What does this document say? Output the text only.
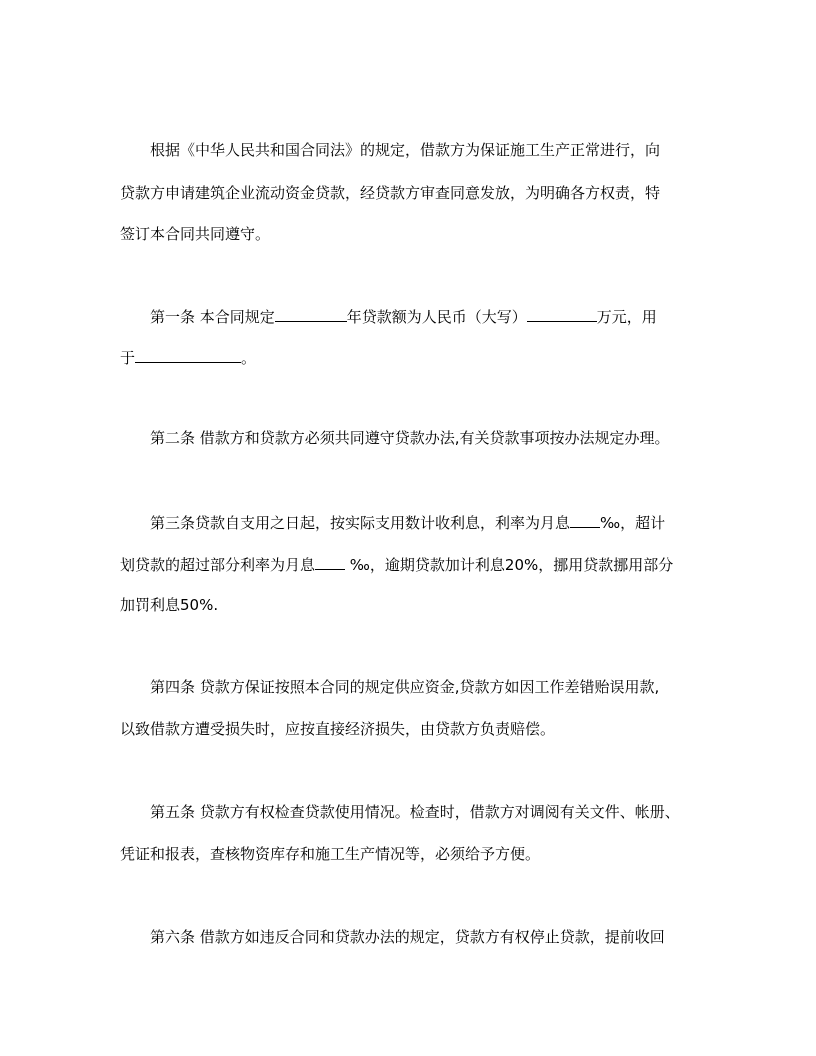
根据《中华人民共和国合同法》的规定，借款方为保证施工生产正常进行，向
贷款方申请建筑企业流动资金贷款，经贷款方审查同意发放，为明确各方权责，特
签订本合同共同遵守。
第一条 本合同规定	年贷款额为人民币（大写）	万元，用
于	。
第二条 借款方和贷款方必须共同遵守贷款办法,有关贷款事项按办法规定办理。
第三条贷款自支用之日起，按实际支用数计收利息，利率为月息 ‰，超计
划贷款的超过部分利率为月息 ‰，逾期贷款加计利息20%，挪用贷款挪用部分
加罚利息50%.
第四条 贷款方保证按照本合同的规定供应资金,贷款方如因工作差错贻误用款,
以致借款方遭受损失时，应按直接经济损失，由贷款方负责赔偿。
第五条 贷款方有权检查贷款使用情况。检查时，借款方对调阅有关文件、帐册、
凭证和报表，查核物资库存和施工生产情况等，必须给予方便。
第六条 借款方如违反合同和贷款办法的规定，贷款方有权停止贷款，提前收回
